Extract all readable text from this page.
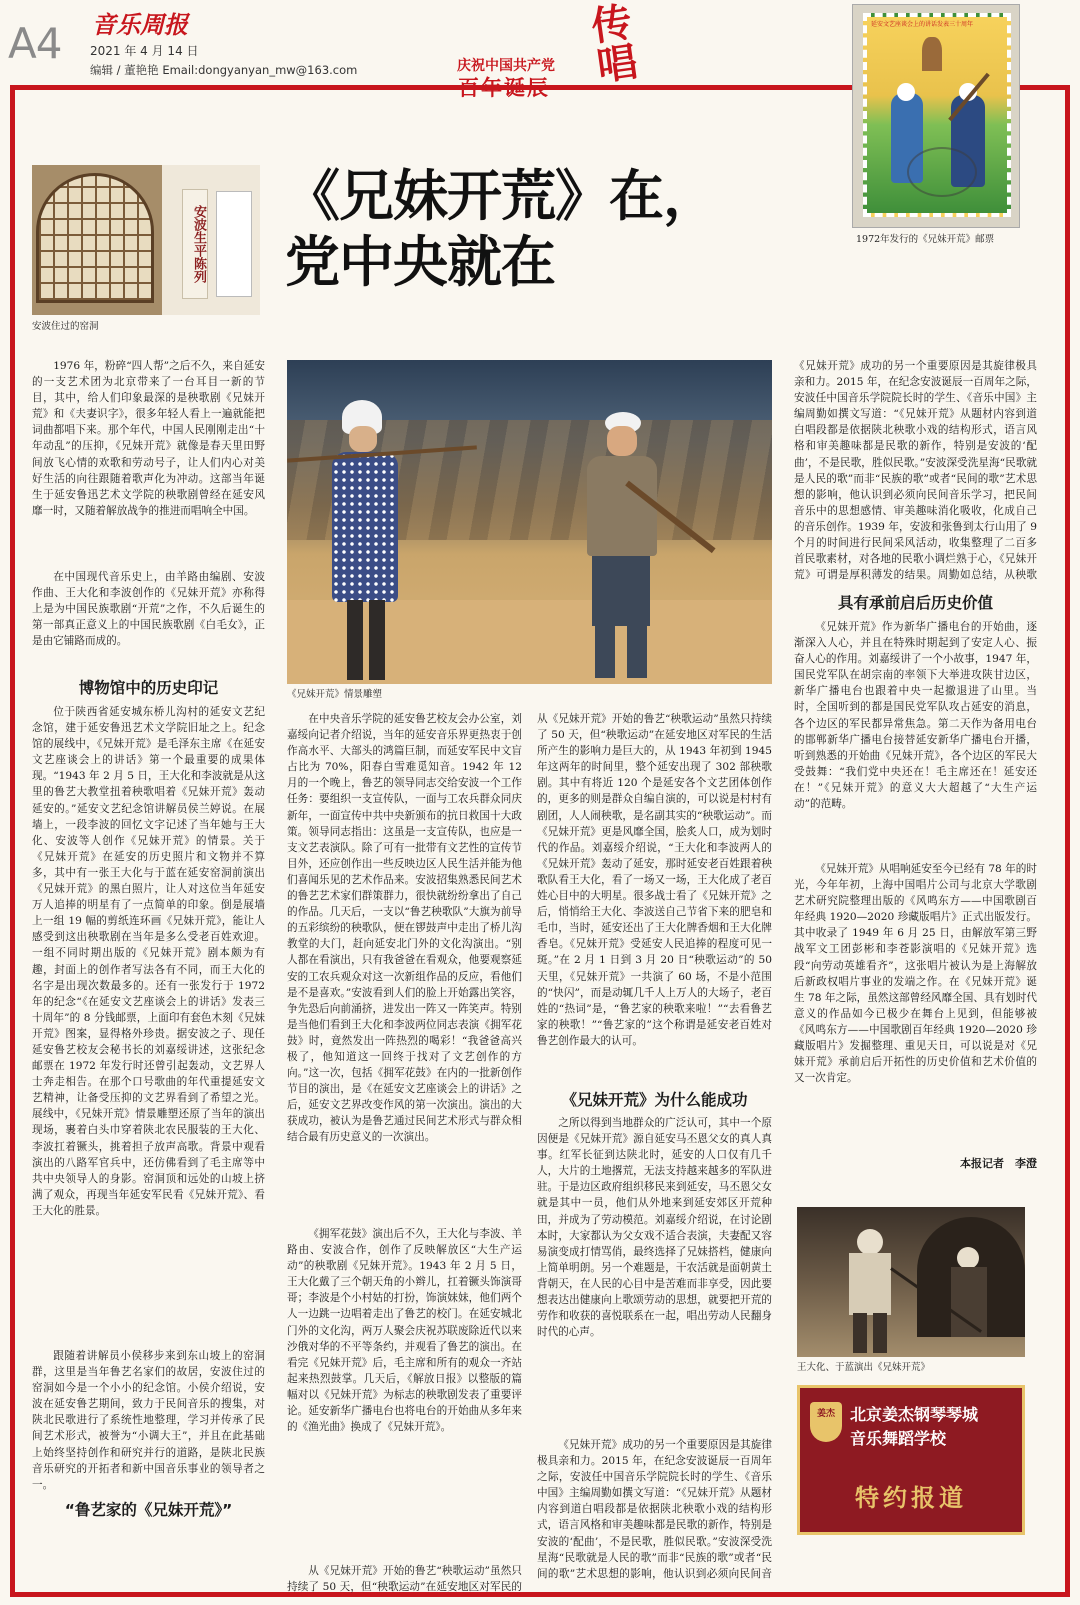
A4 音乐周报
2021 年 4 月 14 日
编辑 / 董艳艳 Email:dongyanyan_mw@163.com	庆祝中国共产党
百年诞辰
传唱	延安文艺座谈会上的讲话发表三十周年
1972年发行的《兄妹开荒》邮票
安波生平陈列
安波住过的窑洞
《兄妹开荒》在，
党中央就在
《兄妹开荒》情景雕塑

1976 年，粉碎“四人帮”之后不久，来自延安的一支艺术团为北京带来了一台耳目一新的节目，其中，给人们印象最深的是秧歌剧《兄妹开荒》和《夫妻识字》，很多年轻人看上一遍就能把词曲都唱下来。那个年代，中国人民刚刚走出“十年动乱”的压抑，《兄妹开荒》就像是春天里田野间放飞心情的欢歌和劳动号子，让人们内心对美好生活的向往跟随着歌声化为冲动。这部当年诞生于延安鲁迅艺术文学院的秧歌剧曾经在延安风靡一时，又随着解放战争的推进而唱响全中国。

在中国现代音乐史上，由羊路由编剧、安波作曲、王大化和李波创作的《兄妹开荒》亦称得上是为中国民族歌剧“开荒”之作，不久后诞生的第一部真正意义上的中国民族歌剧《白毛女》，正是由它铺路而成的。

博物馆中的历史印记

位于陕西省延安城东桥儿沟村的延安文艺纪念馆，建于延安鲁迅艺术文学院旧址之上。纪念馆的展线中，《兄妹开荒》是毛泽东主席《在延安文艺座谈会上的讲话》第一个最重要的成果体现。“1943 年 2 月 5 日，王大化和李波就是从这里的鲁艺大教堂扭着秧歌唱着《兄妹开荒》轰动延安的。”延安文艺纪念馆讲解员侯兰婷说。在展墙上，一段李波的回忆文字记述了当年她与王大化、安波等人创作《兄妹开荒》的情景。关于《兄妹开荒》在延安的历史照片和文物并不算多，其中有一张王大化与于蓝在延安窑洞前演出《兄妹开荒》的黑白照片，让人对这位当年延安万人追捧的明星有了一点简单的印象。倒是展墙上一组 19 幅的剪纸连环画《兄妹开荒》，能让人感受到这出秧歌剧在当年是多么受老百姓欢迎。一组不同时期出版的《兄妹开荒》剧本颇为有趣，封面上的创作者写法各有不同，而王大化的名字是出现次数最多的。还有一张发行于 1972 年的纪念“《在延安文艺座谈会上的讲话》发表三十周年”的 8 分钱邮票，上面印有套色木刻《兄妹开荒》图案，显得格外珍贵。据安波之子、现任延安鲁艺校友会秘书长的刘嘉绥讲述，这张纪念邮票在 1972 年发行时还曾引起轰动，文艺界人士奔走相告。在那个口号歌曲的年代重提延安文艺精神，让备受压抑的文艺界看到了希望之光。展线中，《兄妹开荒》情景雕塑还原了当年的演出现场，裹着白头巾穿着陕北农民服装的王大化、李波扛着镢头，挑着担子放声高歌。背景中观看演出的八路军官兵中，还仿佛看到了毛主席等中共中央领导人的身影。窑洞顶和远处的山坡上挤满了观众，再现当年延安军民看《兄妹开荒》、看王大化的胜景。

跟随着讲解员小侯移步来到东山坡上的窑洞群，这里是当年鲁艺名家们的故居，安波住过的窑洞如今是一个小小的纪念馆。小侯介绍说，安波在延安鲁艺期间，致力于民间音乐的搜集，对陕北民歌进行了系统性地整理，学习并传承了民间艺术形式，被誉为“小调大王”，并且在此基础上始终坚持创作和研究并行的道路，是陕北民族音乐研究的开拓者和新中国音乐事业的领导者之一。

“鲁艺家的《兄妹开荒》”

在中央音乐学院的延安鲁艺校友会办公室，刘嘉绥向记者介绍说，当年的延安音乐界更热衷于创作高水平、大部头的鸿篇巨制，而延安军民中文盲占比为 70%，阳春白雪难觅知音。1942 年 12 月的一个晚上，鲁艺的领导同志交给安波一个工作任务：要组织一支宣传队，一面与工农兵群众同庆新年，一面宣传中共中央新颁布的抗日救国十大政策。领导同志指出：这虽是一支宣传队，也应是一支文艺表演队。除了可有一批带有文艺性的宣传节目外，还应创作出一些反映边区人民生活并能为他们喜闻乐见的艺术作品来。安波招集熟悉民间艺术的鲁艺艺术家们群策群力，很快就纷纷拿出了自己的作品。几天后，一支以“鲁艺秧歌队”大旗为前导的五彩缤纷的秧歌队，便在锣鼓声中走出了桥儿沟教堂的大门，赶向延安北门外的文化沟演出。“别人都在看演出，只有我爸爸在看观众，他要观察延安的工农兵观众对这一次新组作品的反应，看他们是不是喜欢。”安波看到人们的脸上开始露出笑容，争先恐后向前涌挤，进发出一阵又一阵笑声。特别是当他们看到王大化和李波两位同志表演《拥军花鼓》时，竟然发出一阵热烈的喝彩！“我爸爸高兴极了，他知道这一回终于找对了文艺创作的方向。”这一次，包括《拥军花鼓》在内的一批新创作节目的演出，是《在延安文艺座谈会上的讲话》之后，延安文艺界改变作风的第一次演出。演出的大获成功，被认为是鲁艺通过民间艺术形式与群众相结合最有历史意义的一次演出。

《拥军花鼓》演出后不久，王大化与李波、羊路由、安波合作，创作了反映解放区“大生产运动”的秧歌剧《兄妹开荒》。1943 年 2 月 5 日，王大化戴了三个朝天角的小辫儿，扛着镢头饰演哥哥；李波是个小村姑的打扮，饰演妹妹，他们两个人一边跳一边唱着走出了鲁艺的校门。在延安城北门外的文化沟，两万人聚会庆祝苏联废除近代以来沙俄对华的不平等条约，并观看了鲁艺的演出。在看完《兄妹开荒》后，毛主席和所有的观众一齐站起来热烈鼓掌。几天后，《解放日报》以整版的篇幅对以《兄妹开荒》为标志的秧歌剧发表了重要评论。延安新华广播电台也将电台的开始曲从多年来的《渔光曲》换成了《兄妹开荒》。

从《兄妹开荒》开始的鲁艺“秧歌运动”虽然只持续了 50 天，但“秧歌运动”在延安地区对军民的

从《兄妹开荒》开始的鲁艺“秧歌运动”虽然只持续了 50 天，但“秧歌运动”在延安地区对军民的生活所产生的影响力是巨大的，从 1943 年初到 1945 年这两年的时间里，整个延安出现了 302 部秧歌剧。其中有将近 120 个是延安各个文艺团体创作的，更多的则是群众自编自演的，可以说是村村有剧团，人人闹秧歌，是名副其实的“秧歌运动”。而《兄妹开荒》更是风靡全国，脍炙人口，成为划时代的作品。刘嘉绥介绍说，“王大化和李波两人的《兄妹开荒》轰动了延安，那时延安老百姓跟着秧歌队看王大化，看了一场又一场，王大化成了老百姓心目中的大明星。很多战士看了《兄妹开荒》之后，悄悄给王大化、李波送自己节省下来的肥皂和毛巾，当时，延安还出了王大化牌香烟和王大化牌香皂。《兄妹开荒》受延安人民追捧的程度可见一斑。”在 2 月 1 日到 3 月 20 日“秧歌运动”的 50 天里，《兄妹开荒》一共演了 60 场，不是小范围的“快闪”，而是动辄几千人上万人的大场子，老百姓的“热词”是，“鲁艺家的秧歌来啦！”“去看鲁艺家的秧歌！”“鲁艺家的”这个称谓是延安老百姓对鲁艺创作最大的认可。

《兄妹开荒》为什么能成功

之所以得到当地群众的广泛认可，其中一个原因便是《兄妹开荒》源自延安马丕恩父女的真人真事。红军长征到达陕北时，延安的人口仅有几千人，大片的土地撂荒，无法支持越来越多的军队进驻。于是边区政府组织移民来到延安，马丕恩父女就是其中一员，他们从外地来到延安郊区开荒种田，并成为了劳动模范。刘嘉绥介绍说，在讨论剧本时，大家都认为父女戏不适合表演，夫妻配又容易演变成打情骂俏，最终选择了兄妹搭档，健康向上简单明朗。另一个难题是，干农活就是面朝黄土背朝天，在人民的心目中是苦难而非享受，因此要想表达出健康向上歌颂劳动的思想，就要把开荒的劳作和收获的喜悦联系在一起，唱出劳动人民翻身时代的心声。

《兄妹开荒》成功的另一个重要原因是其旋律极具亲和力。2015 年，在纪念安波诞辰一百周年之际，安波任中国音乐学院院长时的学生、《音乐中国》主编周勤如撰文写道：“《兄妹开荒》从题材内容到道白唱段都是依据陕北秧歌小戏的结构形式，语言风格和审美趣味都是民歌的新作，特别是安波的‘配曲’，不是民歌，胜似民歌。”安波深受洗星海“民歌就是人民的歌”而非“民族的歌”或者“民间的歌”艺术思想的影响，他认识到必须向民间音

《兄妹开荒》成功的另一个重要原因是其旋律极具亲和力。2015 年，在纪念安波诞辰一百周年之际，安波任中国音乐学院院长时的学生、《音乐中国》主编周勤如撰文写道：“《兄妹开荒》从题材内容到道白唱段都是依据陕北秧歌小戏的结构形式，语言风格和审美趣味都是民歌的新作，特别是安波的‘配曲’，不是民歌，胜似民歌。”安波深受洗星海“民歌就是人民的歌”而非“民族的歌”或者“民间的歌”艺术思想的影响，他认识到必须向民间音乐学习，把民间音乐中的思想感情、审美趣味消化吸收，化成自己的音乐创作。1939 年，安波和张鲁到太行山用了 9 个月的时间进行民间采风活动，收集整理了二百多首民歌素材，对各地的民歌小调烂熟于心，《兄妹开荒》可谓是厚积薄发的结果。周勤如总结，从秧歌

具有承前启后历史价值

《兄妹开荒》作为新华广播电台的开始曲，逐渐深入人心，并且在特殊时期起到了安定人心、振奋人心的作用。刘嘉绥讲了一个小故事，1947 年，国民党军队在胡宗南的率领下大举进攻陕甘边区，新华广播电台也跟着中央一起撤退进了山里。当时，全国听到的都是国民党军队攻占延安的消息，各个边区的军民都异常焦急。第二天作为备用电台的邯郸新华广播电台接替延安新华广播电台开播，听到熟悉的开始曲《兄妹开荒》，各个边区的军民大受鼓舞：“我们党中央还在！毛主席还在！延安还在！”《兄妹开荒》的意义大大超越了“大生产运动”的范畴。

《兄妹开荒》从唱响延安至今已经有 78 年的时光，今年年初，上海中国唱片公司与北京大学歌剧艺术研究院整理出版的《风鸣东方——中国歌剧百年经典 1920—2020 珍藏版唱片》正式出版发行。其中收录了 1949 年 6 月 25 日，由解放军第三野战军文工团彭彬和李苍影演唱的《兄妹开荒》选段“向劳动英雄看齐”，这张唱片被认为是上海解放后新政权唱片事业的发端之作。在《兄妹开荒》诞生 78 年之际，虽然这部曾经风靡全国、具有划时代意义的作品如今已极少在舞台上见到，但能够被《风鸣东方——中国歌剧百年经典 1920—2020 珍藏版唱片》发掘整理、重见天日，可以说是对《兄妹开荒》承前启后开拓性的历史价值和艺术价值的又一次肯定。

本报记者　李澄
王大化、于蓝演出《兄妹开荒》
姜杰 北京姜杰钢琴琴城
音乐舞蹈学校
特约报道
